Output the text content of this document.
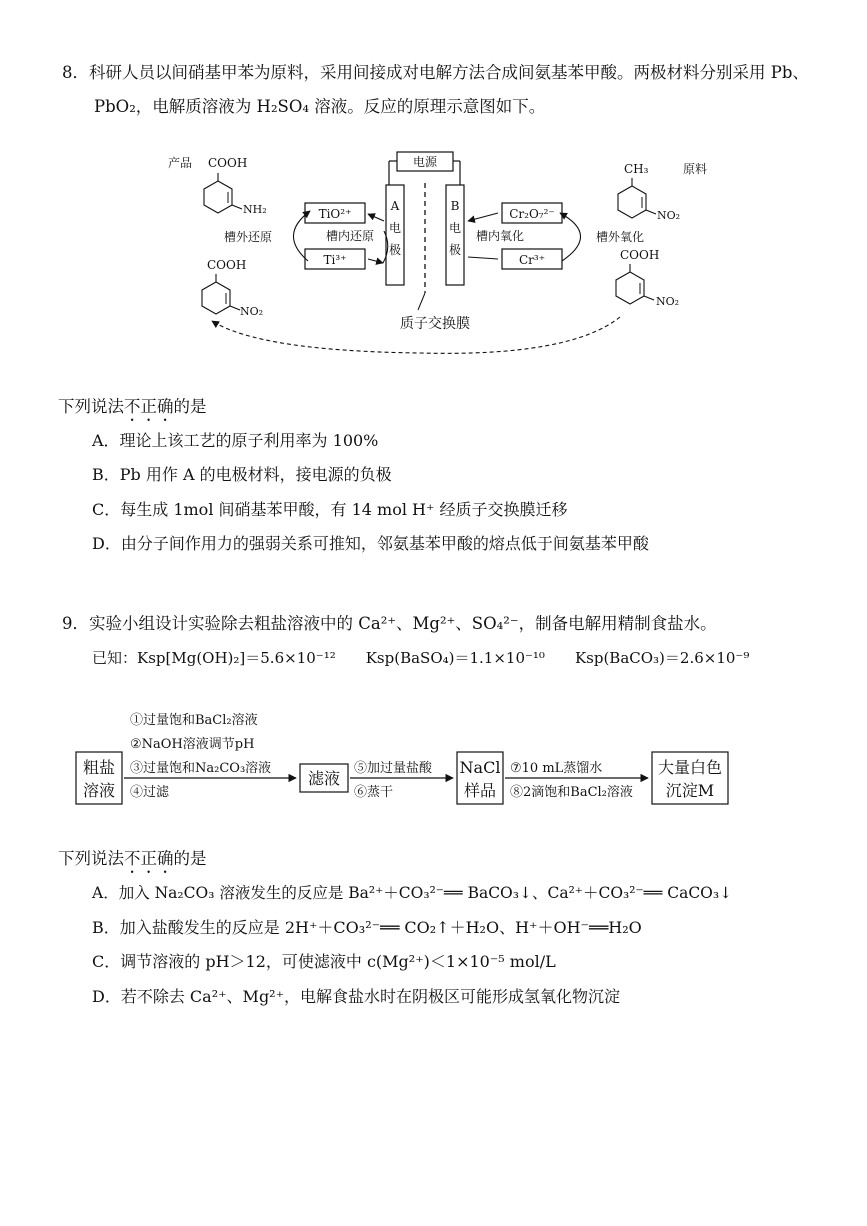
8．科研人员以间硝基甲苯为原料，采用间接成对电解方法合成间氨基苯甲酸。两极材料分别采用 Pb、
PbO₂，电解质溶液为 H₂SO₄ 溶液。反应的原理示意图如下。
电源
A
电
极
B
电
极
质子交换膜
TiO²⁺
Ti³⁺
槽内还原
槽外还原
Cr₂O₇²⁻
Cr³⁺
槽内氧化	槽外氧化
产品 COOH
NH₂
COOH
NO₂
CH₃	原料
NO₂
COOH
NO₂
下列说法不正确的是
A．理论上该工艺的原子利用率为 100%
B．Pb 用作 A 的电极材料，接电源的负极
C．每生成 1mol 间硝基苯甲酸，有 14 mol H⁺ 经质子交换膜迁移
D．由分子间作用力的强弱关系可推知，邻氨基苯甲酸的熔点低于间氨基苯甲酸
9．实验小组设计实验除去粗盐溶液中的 Ca²⁺、Mg²⁺、SO₄²⁻，制备电解用精制食盐水。
已知：Ksp[Mg(OH)₂]＝5.6×10⁻¹²　　Ksp(BaSO₄)＝1.1×10⁻¹⁰　　Ksp(BaCO₃)＝2.6×10⁻⁹
粗盐
溶液
①过量饱和BaCl₂溶液
②NaOH溶液调节pH
③过量饱和Na₂CO₃溶液
④过滤
滤液
⑤加过量盐酸
⑥蒸干
NaCl
样品
⑦10 mL蒸馏水
⑧2滴饱和BaCl₂溶液
大量白色
沉淀M
下列说法不正确的是
A．加入 Na₂CO₃ 溶液发生的反应是 Ba²⁺＋CO₃²⁻══ BaCO₃↓、Ca²⁺＋CO₃²⁻══ CaCO₃↓
B．加入盐酸发生的反应是 2H⁺＋CO₃²⁻══ CO₂↑＋H₂O、H⁺＋OH⁻══H₂O
C．调节溶液的 pH＞12，可使滤液中 c(Mg²⁺)＜1×10⁻⁵ mol/L
D．若不除去 Ca²⁺、Mg²⁺，电解食盐水时在阴极区可能形成氢氧化物沉淀
